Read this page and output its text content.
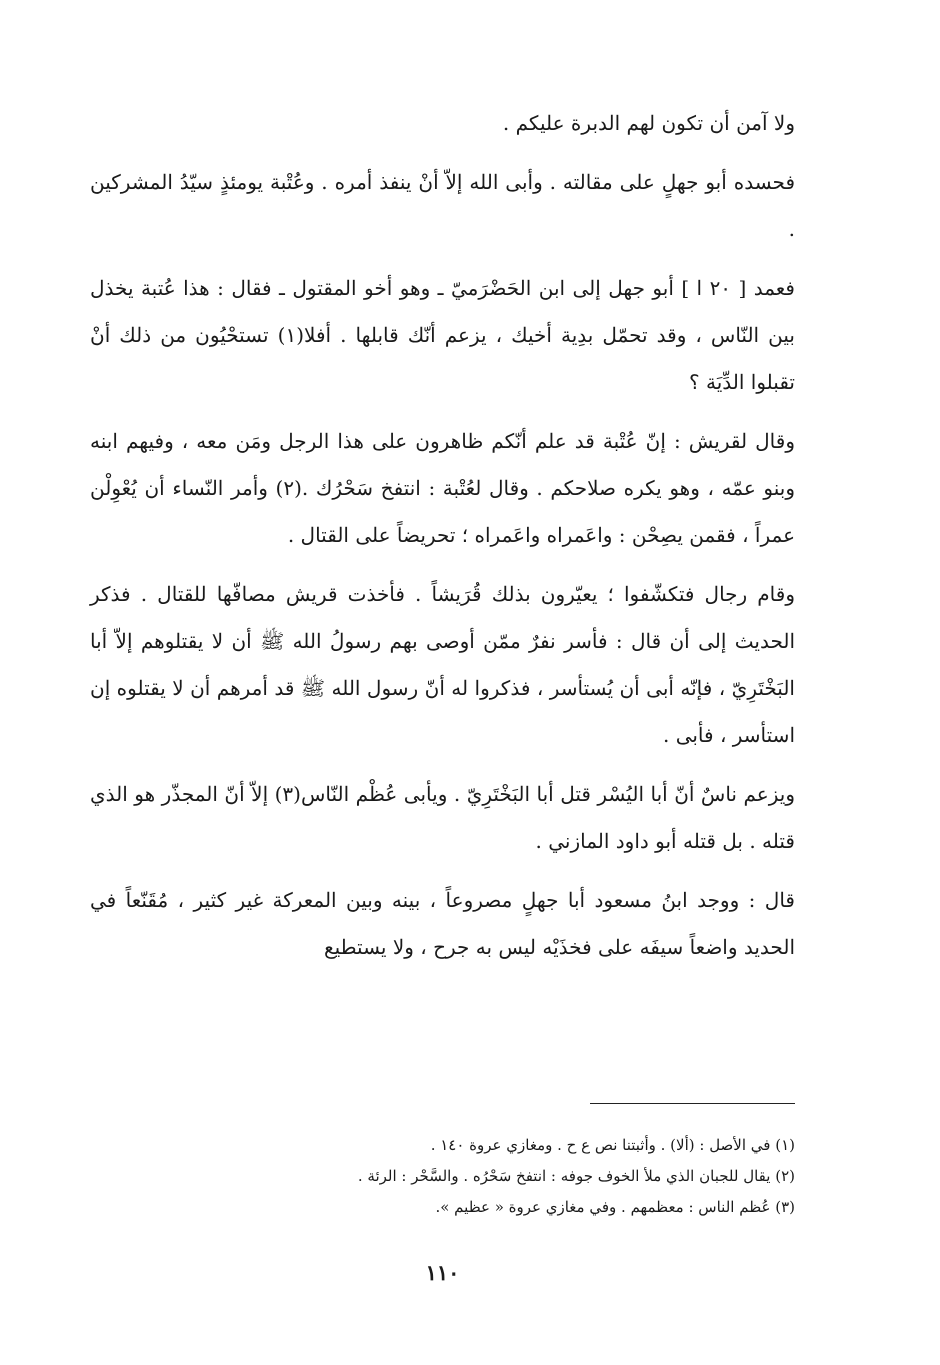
ولا آمن أن تكون لهم الدبرة عليكم .

فحسده أبو جهلٍ على مقالته . وأبى الله إلاّ أنْ ينفذ أمره . وعُتْبة يومئذٍ سيّدُ المشركين .

فعمد [ ٢٠ ا ] أبو جهل إلى ابن الحَضْرَميّ ـ وهو أخو المقتول ـ فقال : هذا عُتبة يخذل بين النّاس ، وقد تحمّل بدِية أخيك ، يزعم أنّك قابلها . أفلا(١) تستحْيُون من ذلك أنْ تقبلوا الدِّيَة ؟

وقال لقريش : إنّ عُتْبة قد علم أنّكم ظاهرون على هذا الرجل ومَن معه ، وفيهم ابنه وبنو عمّه ، وهو يكره صلاحكم . وقال لعُتْبة : انتفخ سَحْرُك .(٢) وأمر النّساء أن يُعْوِلْن عمراً ، فقمن يصِحْن : واعَمراه واعَمراه ؛ تحريضاً على القتال .

وقام رجال فتكشّفوا ؛ يعيّرون بذلك قُرَيشاً . فأخذت قريش مصافّها للقتال . فذكر الحديث إلى أن قال : فأسر نفرٌ ممّن أوصى بهم رسولُ الله ﷺ أن لا يقتلوهم إلاّ أبا البَخْتَرِيّ ، فإنّه أبى أن يُستأسر ، فذكروا له أنّ رسول الله ﷺ قد أمرهم أن لا يقتلوه إن استأسر ، فأبى .

ويزعم ناسٌ أنّ أبا اليُسْر قتل أبا البَخْتَرِيّ . ويأبى عُظْم النّاس(٣) إلاّ أنّ المجذّر هو الذي قتله . بل قتله أبو داود المازني .

قال : ووجد ابنُ مسعود أبا جهلٍ مصروعاً ، بينه وبين المعركة غير كثير ، مُقَنّعاً في الحديد واضعاً سيفَه على فخذَيْه ليس به جرح ، ولا يستطيع

(١) في الأصل : (ألا) . وأثبتنا نص ع ح . ومغازي عروة ١٤٠ .

(٢) يقال للجبان الذي ملأ الخوف جوفه : انتفخ سَحْرُه . والسَّحْر : الرئة .

(٣) عُظم الناس : معظمهم . وفي مغازي عروة « عظيم ».

١١٠
